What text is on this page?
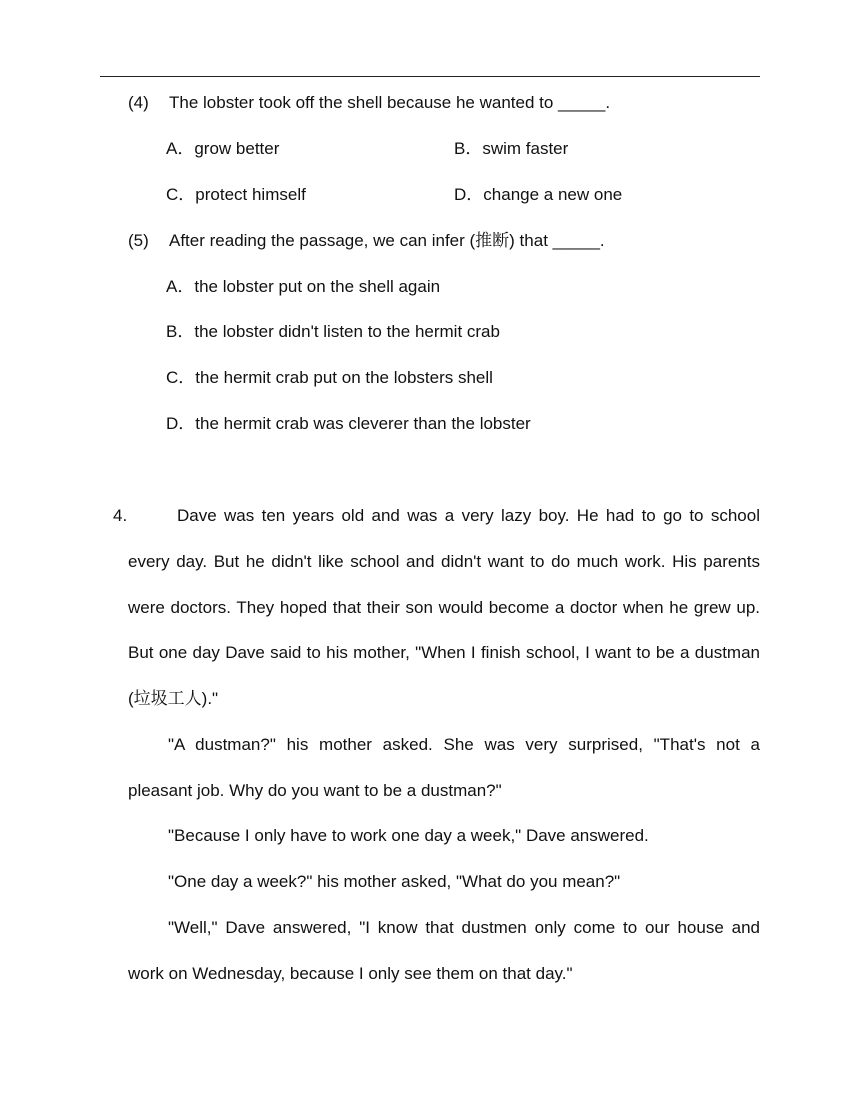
(4) The lobster took off the shell because he wanted to _____.
A．grow better	B．swim faster
C．protect himself	D．change a new one
(5) After reading the passage, we can infer (推断) that _____.
A．the lobster put on the shell again
B．the lobster didn't listen to the hermit crab
C．the hermit crab put on the lobsters shell
D．the hermit crab was cleverer than the lobster
4.	Dave was ten years old and was a very lazy boy. He had to go to school every day. But he didn't like school and didn't want to do much work. His parents were doctors. They hoped that their son would become a doctor when he grew up. But one day Dave said to his mother, "When I finish school, I want to be a dustman (垃圾工人)."

"A dustman?" his mother asked. She was very surprised, "That's not a pleasant job. Why do you want to be a dustman?"

"Because I only have to work one day a week," Dave answered.

"One day a week?" his mother asked, "What do you mean?"

"Well," Dave answered, "I know that dustmen only come to our house and work on Wednesday, because I only see them on that day."
